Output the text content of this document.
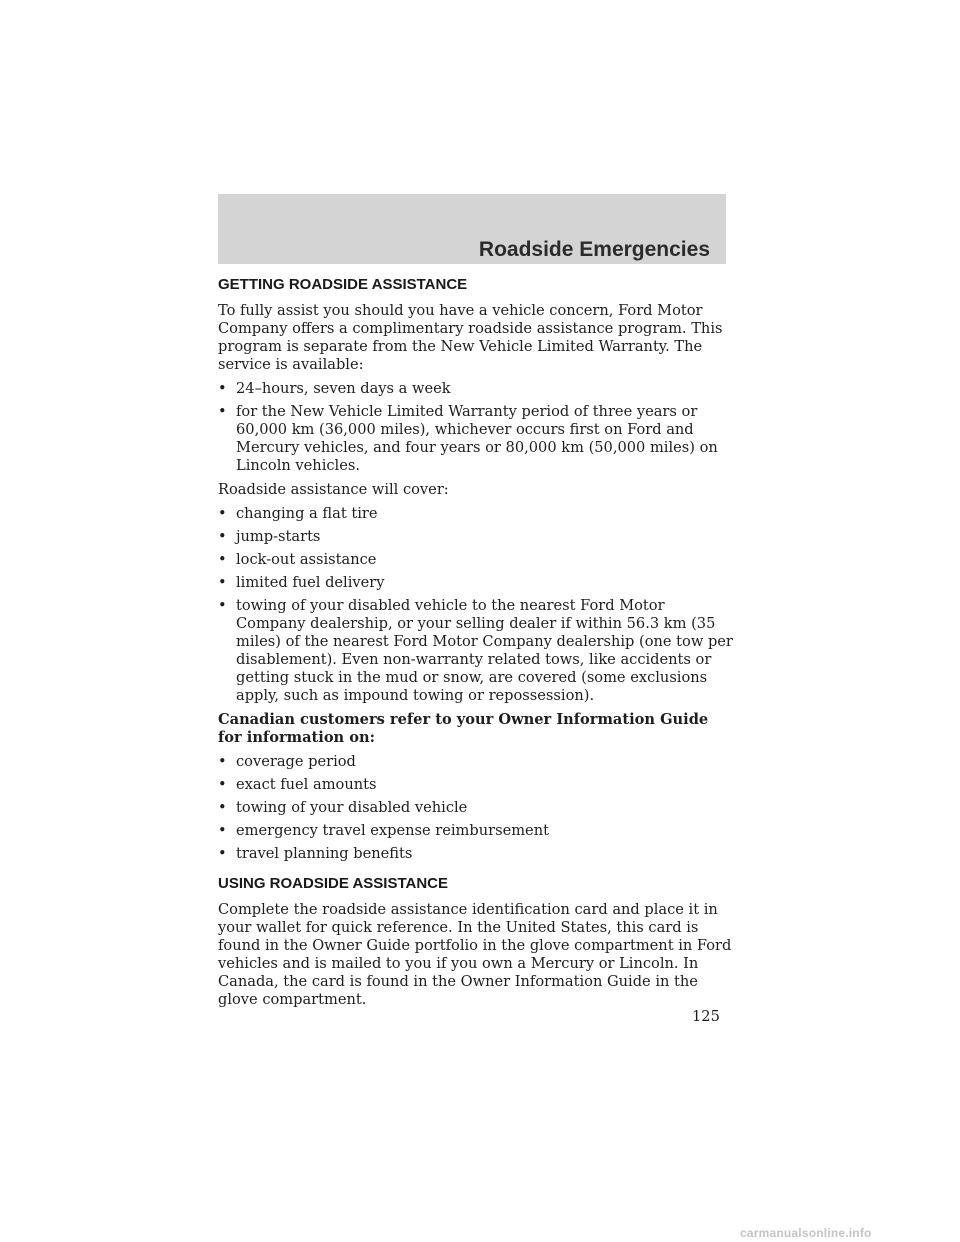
Roadside Emergencies
GETTING ROADSIDE ASSISTANCE

To fully assist you should you have a vehicle concern, Ford Motor Company offers a complimentary roadside assistance program. This program is separate from the New Vehicle Limited Warranty. The service is available:

• 24–hours, seven days a week
• for the New Vehicle Limited Warranty period of three years or 60,000 km (36,000 miles), whichever occurs first on Ford and Mercury vehicles, and four years or 80,000 km (50,000 miles) on Lincoln vehicles.

Roadside assistance will cover:

• changing a flat tire
• jump-starts
• lock-out assistance
• limited fuel delivery
• towing of your disabled vehicle to the nearest Ford Motor Company dealership, or your selling dealer if within 56.3 km (35 miles) of the nearest Ford Motor Company dealership (one tow per disablement). Even non-warranty related tows, like accidents or getting stuck in the mud or snow, are covered (some exclusions apply, such as impound towing or repossession).

Canadian customers refer to your Owner Information Guide for information on:

• coverage period
• exact fuel amounts
• towing of your disabled vehicle
• emergency travel expense reimbursement
• travel planning benefits
USING ROADSIDE ASSISTANCE

Complete the roadside assistance identification card and place it in your wallet for quick reference. In the United States, this card is found in the Owner Guide portfolio in the glove compartment in Ford vehicles and is mailed to you if you own a Mercury or Lincoln. In Canada, the card is found in the Owner Information Guide in the glove compartment.

125
carmanualsonline.info
